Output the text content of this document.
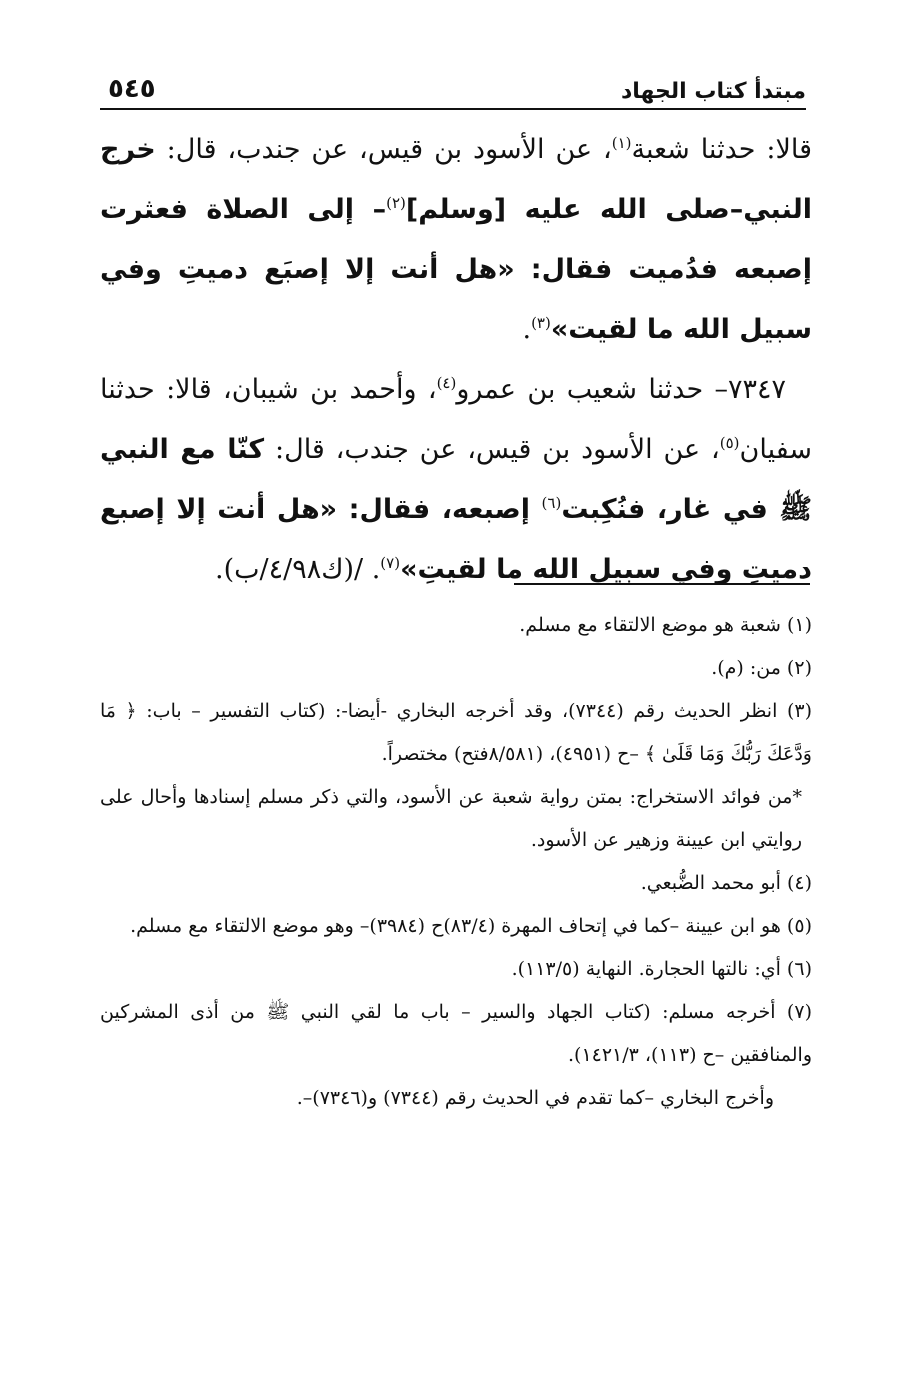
٥٤٥	مبتدأ كتاب الجهاد

قالا: حدثنا شعبة$^{(١)}$، عن الأسود بن قيس، عن جندب، قال: خرج النبي–صلى الله عليه [وسلم]$^{(٢)}$– إلى الصلاة فعثرت إصبعه فدُميت فقال: «هل أنت إلا إصبَع دميتِ وفي سبيل الله ما لقيت»$^{(٣)}$.

٧٣٤٧– حدثنا شعيب بن عمرو$^{(٤)}$، وأحمد بن شيبان، قالا: حدثنا سفيان$^{(٥)}$، عن الأسود بن قيس، عن جندب، قال: كنّا مع النبي ﷺ في غار، فنُكِبت$^{(٦)}$ إصبعه، فقال: «هل أنت إلا إصبع دميتِ وفي سبيل الله ما لقيتِ»$^{(٧)}$. /(ك٤/٩٨/ب).

(١) شعبة هو موضع الالتقاء مع مسلم.

(٢) من: (م).

(٣) انظر الحديث رقم (٧٣٤٤)، وقد أخرجه البخاري -أيضا-: (كتاب التفسير – باب: ﴿ مَا وَدَّعَكَ رَبُّكَ وَمَا قَلَىٰ ﴾ –ح (٤٩٥١)، (٨/٥٨١فتح) مختصراً.

*من فوائد الاستخراج: بمتن رواية شعبة عن الأسود، والتي ذكر مسلم إسنادها وأحال على روايتي ابن عيينة وزهير عن الأسود.

(٤) أبو محمد الضُّبعي.

(٥) هو ابن عيينة –كما في إتحاف المهرة (٨٣/٤)ح (٣٩٨٤)– وهو موضع الالتقاء مع مسلم.

(٦) أي: نالتها الحجارة. النهاية (١١٣/٥).

(٧) أخرجه مسلم: (كتاب الجهاد والسير – باب ما لقي النبي ﷺ من أذى المشركين والمنافقين –ح (١١٣)، ١٤٢١/٣).

وأخرج البخاري –كما تقدم في الحديث رقم (٧٣٤٤) و(٧٣٤٦)–.
